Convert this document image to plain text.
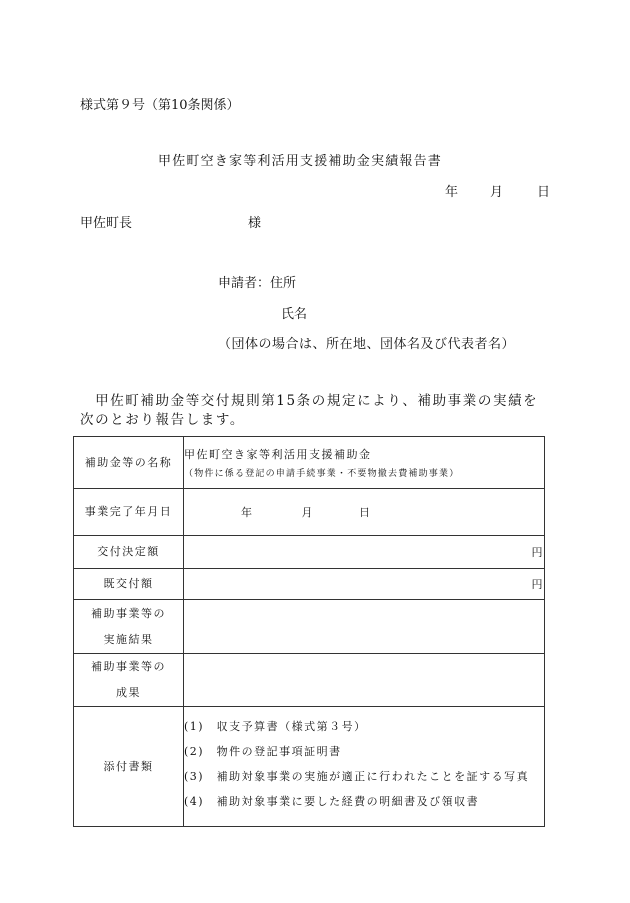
様式第９号（第10条関係）
甲佐町空き家等利活用支援補助金実績報告書
年 月	日
甲佐町長	様
申請者：住所
氏名
（団体の場合は、所在地、団体名及び代表者名）
　甲佐町補助金等交付規則第15条の規定により、補助事業の実績を
次のとおり報告します。
補助金等の名称	甲佐町空き家等利活用支援補助金
（物件に係る登記の申請手続事業・不要物撤去費補助事業）

事業完了年月日	年 月 日
交付決定額	円
既交付額	円

補助事業等の
実施結果	

補助事業等の
成果	

添付書類	(1)　収支予算書（様式第３号）
(2)　物件の登記事項証明書
(3)　補助対象事業の実施が適正に行われたことを証する写真
(4)　補助対象事業に要した経費の明細書及び領収書
